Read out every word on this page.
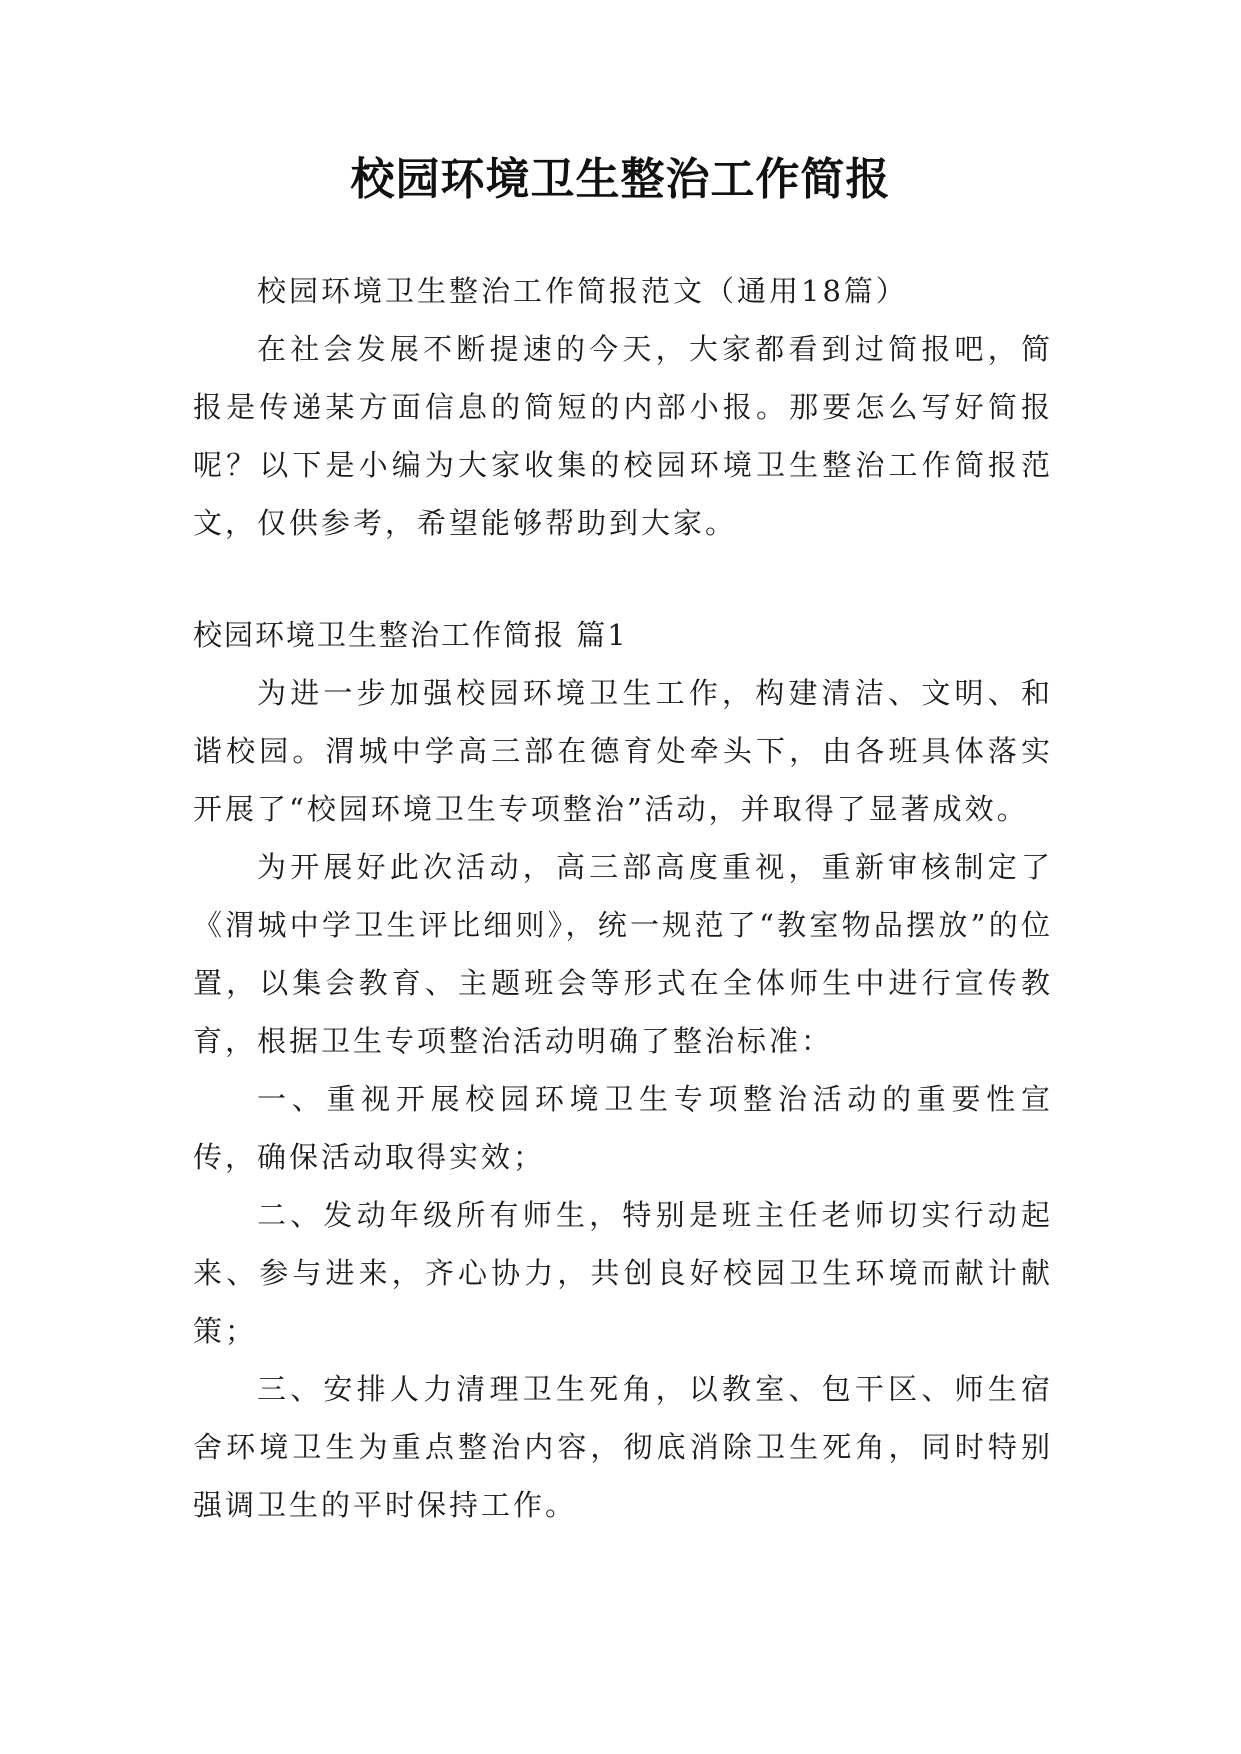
校园环境卫生整治工作简报

校园环境卫生整治工作简报范文（通用18篇）

在社会发展不断提速的今天，大家都看到过简报吧，简报是传递某方面信息的简短的内部小报。那要怎么写好简报呢？以下是小编为大家收集的校园环境卫生整治工作简报范文，仅供参考，希望能够帮助到大家。

校园环境卫生整治工作简报 篇1

为进一步加强校园环境卫生工作，构建清洁、文明、和谐校园。渭城中学高三部在德育处牵头下，由各班具体落实开展了“校园环境卫生专项整治”活动，并取得了显著成效。

为开展好此次活动，高三部高度重视，重新审核制定了《渭城中学卫生评比细则》，统一规范了“教室物品摆放”的位置，以集会教育、主题班会等形式在全体师生中进行宣传教育，根据卫生专项整治活动明确了整治标准：

一、重视开展校园环境卫生专项整治活动的重要性宣传，确保活动取得实效；

二、发动年级所有师生，特别是班主任老师切实行动起来、参与进来，齐心协力，共创良好校园卫生环境而献计献策；

三、安排人力清理卫生死角，以教室、包干区、师生宿舍环境卫生为重点整治内容，彻底消除卫生死角，同时特别强调卫生的平时保持工作。
